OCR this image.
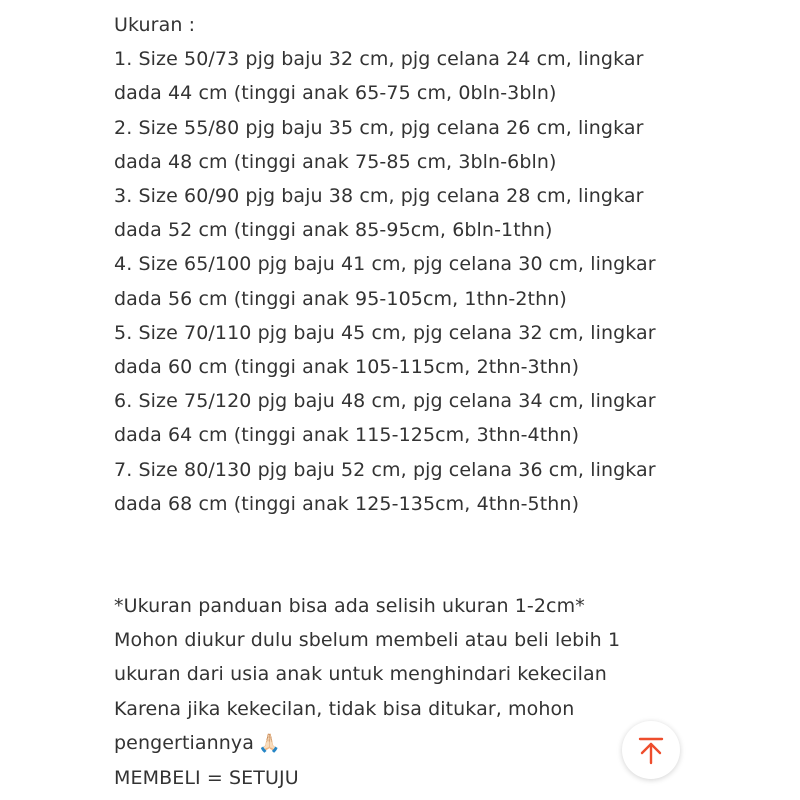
Ukuran :
1. Size 50/73 pjg baju 32 cm, pjg celana 24 cm, lingkar
dada 44 cm (tinggi anak 65-75 cm, 0bln-3bln)
2. Size 55/80 pjg baju 35 cm, pjg celana 26 cm, lingkar
dada 48 cm (tinggi anak 75-85 cm, 3bln-6bln)
3. Size 60/90 pjg baju 38 cm, pjg celana 28 cm, lingkar
dada 52 cm (tinggi anak 85-95cm, 6bln-1thn)
4. Size 65/100 pjg baju 41 cm, pjg celana 30 cm, lingkar
dada 56 cm (tinggi anak 95-105cm, 1thn-2thn)
5. Size 70/110 pjg baju 45 cm, pjg celana 32 cm, lingkar
dada 60 cm (tinggi anak 105-115cm, 2thn-3thn)
6. Size 75/120 pjg baju 48 cm, pjg celana 34 cm, lingkar
dada 64 cm (tinggi anak 115-125cm, 3thn-4thn)
7. Size 80/130 pjg baju 52 cm, pjg celana 36 cm, lingkar
dada 68 cm (tinggi anak 125-135cm, 4thn-5thn)
*Ukuran panduan bisa ada selisih ukuran 1-2cm*
Mohon diukur dulu sbelum membeli atau beli lebih 1
ukuran dari usia anak untuk menghindari kekecilan
Karena jika kekecilan, tidak bisa ditukar, mohon
pengertiannya 🙏🏻
MEMBELI = SETUJU
